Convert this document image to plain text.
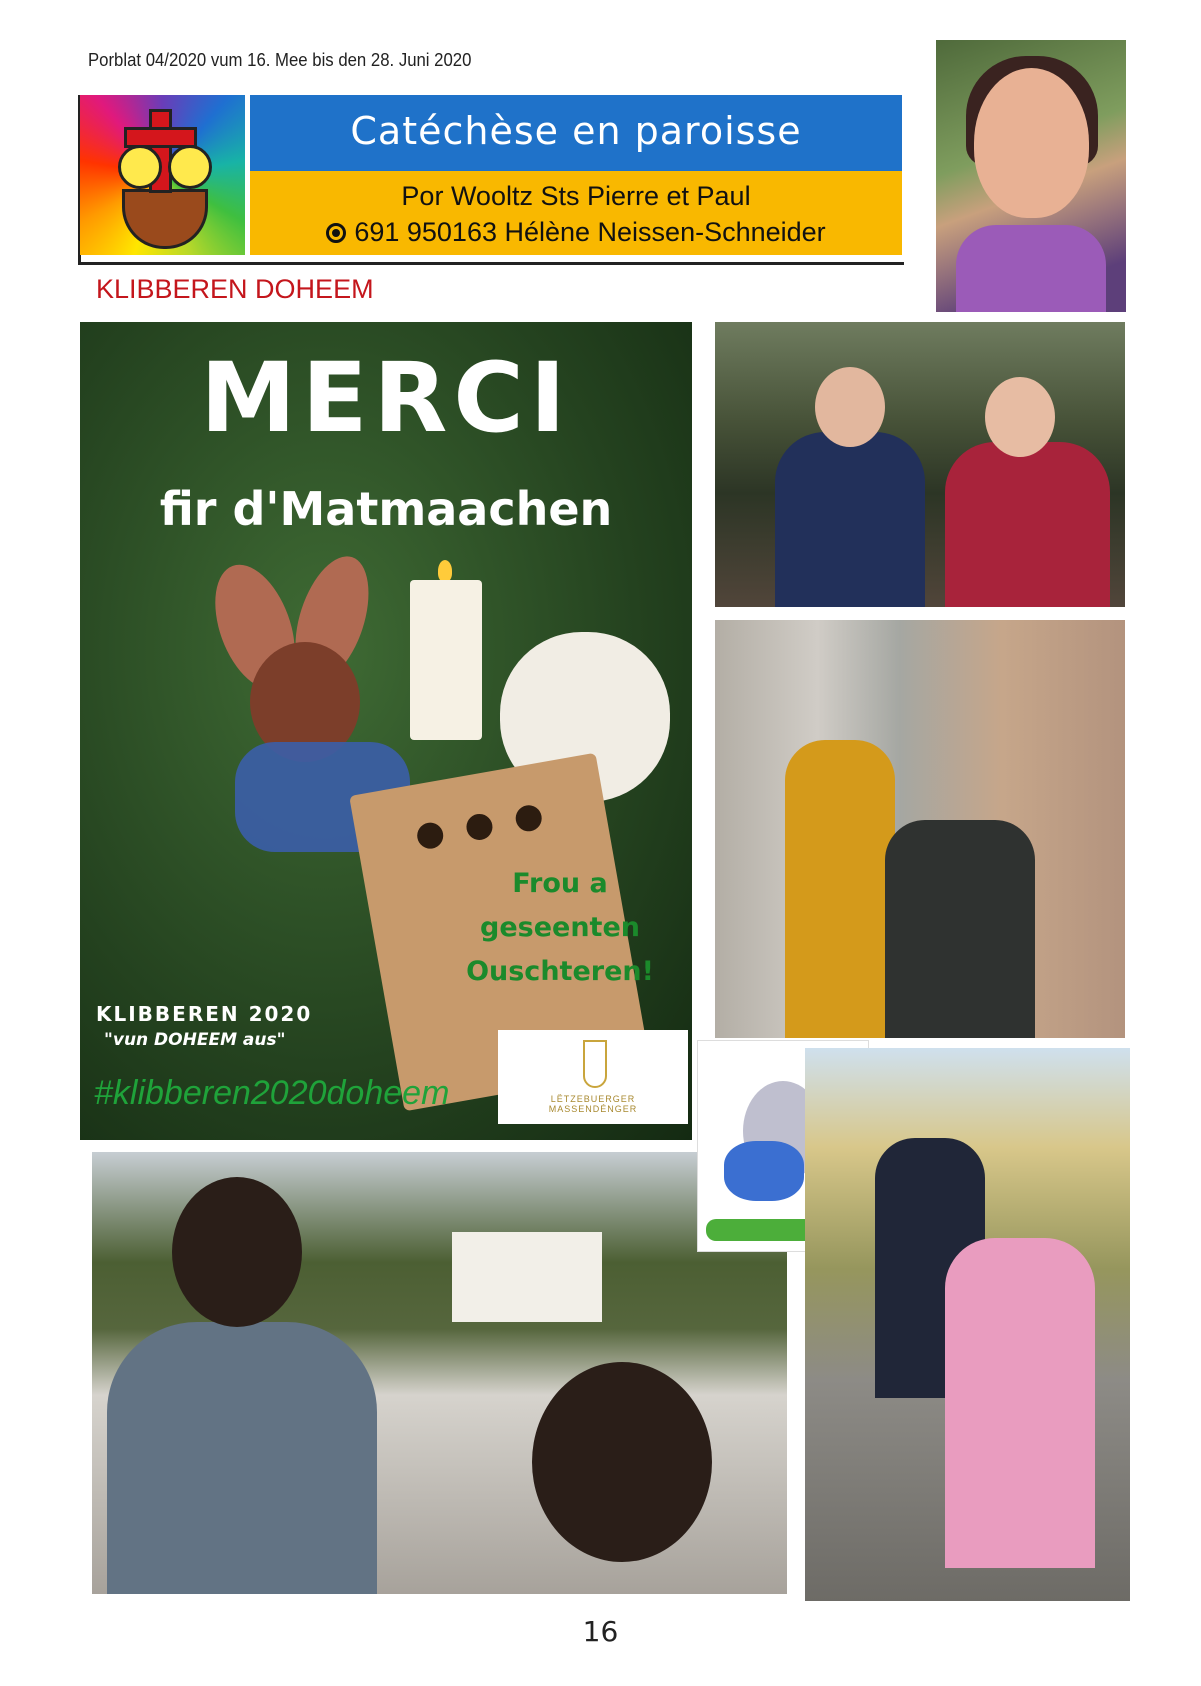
Porblat 04/2020 vum 16. Mee bis den 28. Juni 2020
Catéchèse en paroisse
Por Wooltz Sts Pierre et Paul
691 950163 Hélène Neissen-Schneider
KLIBBEREN DOHEEM
MERCI
fir d'Matmaachen
Frou a
geseenten
Ouschteren!
KLIBBEREN 2020
"vun DOHEEM aus"
#klibberen2020doheem	LËTZEBUERGER MASSENDÉNGER
16
